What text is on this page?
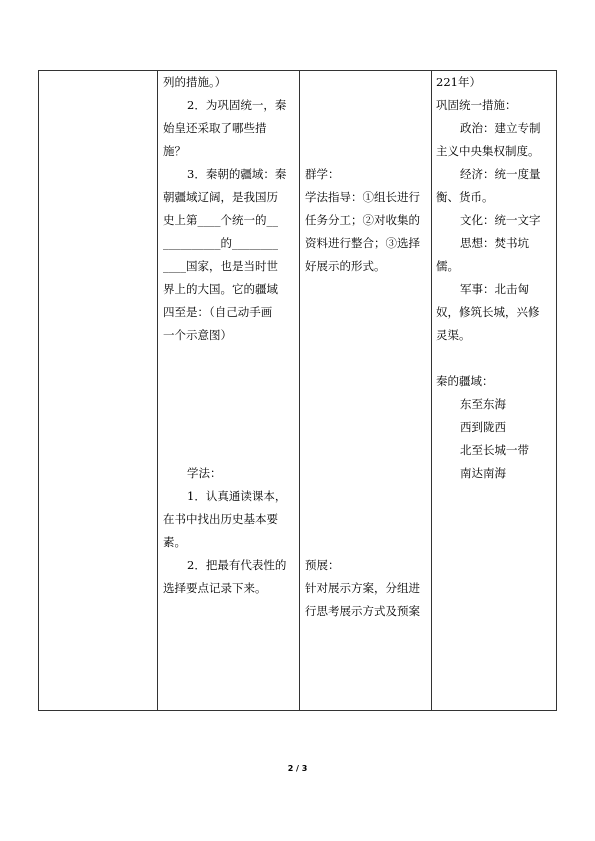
列的措施。）
2．为巩固统一，秦
始皇还采取了哪些措
施？
3．秦朝的疆域：秦
朝疆域辽阔，是我国历
史上第____个统一的__
__________的________
____国家，也是当时世
界上的大国。它的疆域
四至是：（自己动手画
一个示意图）
学法：
1．认真通读课本，
在书中找出历史基本要
素。
2．把最有代表性的
选择要点记录下来。
群学：
学法指导：①组长进行
任务分工；②对收集的
资料进行整合；③选择
好展示的形式。
预展：
针对展示方案，分组进
行思考展示方式及预案
221年）
巩固统一措施：
政治：建立专制
主义中央集权制度。
经济：统一度量
衡、货币。
文化：统一文字
思想：焚书坑
儒。
军事：北击匈
奴，修筑长城，兴修
灵渠。
秦的疆域：
东至东海
西到陇西
北至长城一带
南达南海
2 / 3
